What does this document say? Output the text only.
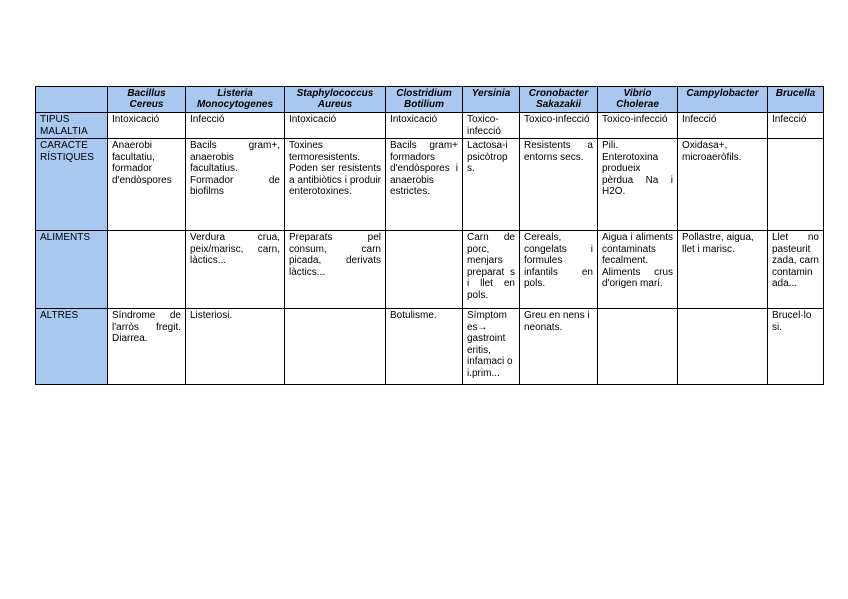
	Bacillus Cereus	Listeria Monocytogenes	Staphylococcus Aureus	Clostridium Botilium	Yersinia	Cronobacter Sakazakii	Vibrio Cholerae	Campylobacter	Brucella
TIPUS MALALTIA	Intoxicació	Infecció	Intoxicació	Intoxicació	Toxico-infecció	Toxico-infecció	Toxico-infecció	Infecció	Infecció
CARACTE RÍSTIQUES	Anaerobi facultatiu, formador d'endòspores	Bacils gram+, anaerobis facultatius. Formador de biofilms	Toxines termoresistents. Poden ser resistents a antibiòtics i produir enterotoxines.	Bacils gram+ formadors d'endòspores i anaerobis estrictes.	Lactosa-i psicòtrop s.	Resistents a entorns secs.	Pili. Enterotoxina produeix pèrdua Na i H2O.	Oxidasa+, microaeròfils.	
ALIMENTS		Verdura crua, peix/marisc, carn, làctics...	Preparats pel consum, carn picada, derivats làctics...		Carn de porc, menjars preparat s i llet en pols.	Cereals, congelats i formules infantils en pols.	Aigua i aliments contaminats fecalment. Aliments crus d'origen marí.	Pollastre, aigua, llet i marisc.	Llet no pasteurit zada, carn contamin ada...
ALTRES	Síndrome de l'arròs fregit. Diarrea.	Listeriosi.		Botulisme.	Símptom es→ gastroint eritis, infamaci o i.prim...	Greu en nens i neonats.			Brucel·lo si.
